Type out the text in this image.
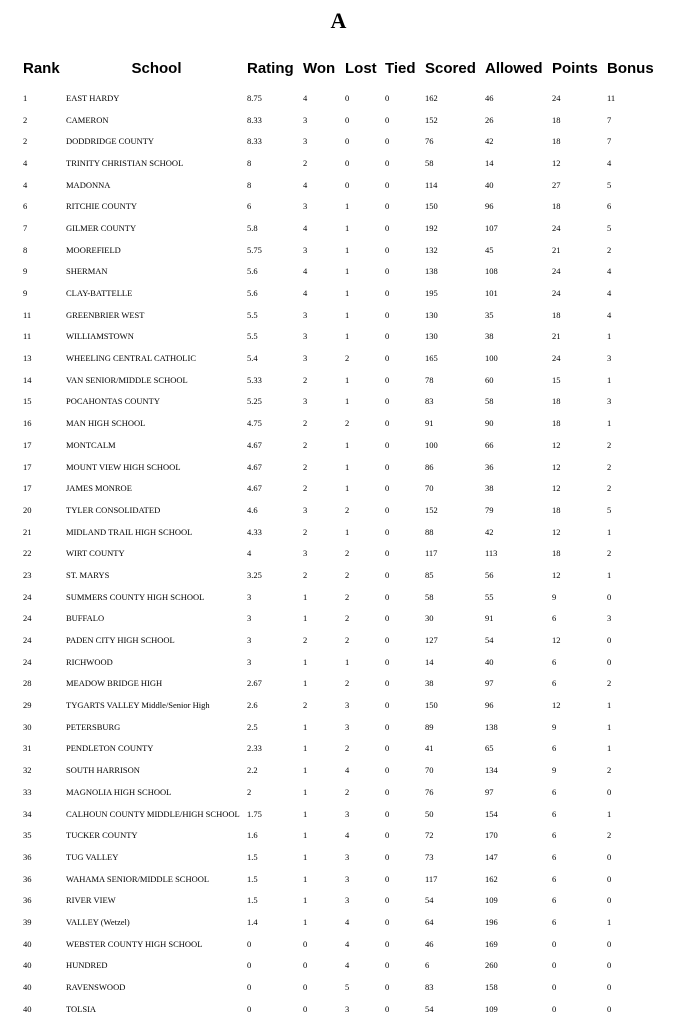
A
Rank	School	Rating	Won	Lost	Tied	Scored	Allowed	Points	Bonus

1	EAST HARDY	8.75	4	0	0	162	46	24	11
2	CAMERON	8.33	3	0	0	152	26	18	7
2	DODDRIDGE COUNTY	8.33	3	0	0	76	42	18	7
4	TRINITY CHRISTIAN SCHOOL	8	2	0	0	58	14	12	4
4	MADONNA	8	4	0	0	114	40	27	5
6	RITCHIE COUNTY	6	3	1	0	150	96	18	6
7	GILMER COUNTY	5.8	4	1	0	192	107	24	5
8	MOOREFIELD	5.75	3	1	0	132	45	21	2
9	SHERMAN	5.6	4	1	0	138	108	24	4
9	CLAY-BATTELLE	5.6	4	1	0	195	101	24	4
11	GREENBRIER WEST	5.5	3	1	0	130	35	18	4
11	WILLIAMSTOWN	5.5	3	1	0	130	38	21	1
13	WHEELING CENTRAL CATHOLIC	5.4	3	2	0	165	100	24	3
14	VAN SENIOR/MIDDLE SCHOOL	5.33	2	1	0	78	60	15	1
15	POCAHONTAS COUNTY	5.25	3	1	0	83	58	18	3
16	MAN HIGH SCHOOL	4.75	2	2	0	91	90	18	1
17	MONTCALM	4.67	2	1	0	100	66	12	2
17	MOUNT VIEW HIGH SCHOOL	4.67	2	1	0	86	36	12	2
17	JAMES MONROE	4.67	2	1	0	70	38	12	2
20	TYLER CONSOLIDATED	4.6	3	2	0	152	79	18	5
21	MIDLAND TRAIL HIGH SCHOOL	4.33	2	1	0	88	42	12	1
22	WIRT COUNTY	4	3	2	0	117	113	18	2
23	ST. MARYS	3.25	2	2	0	85	56	12	1
24	SUMMERS COUNTY HIGH SCHOOL	3	1	2	0	58	55	9	0
24	BUFFALO	3	1	2	0	30	91	6	3
24	PADEN CITY HIGH SCHOOL	3	2	2	0	127	54	12	0
24	RICHWOOD	3	1	1	0	14	40	6	0
28	MEADOW BRIDGE HIGH	2.67	1	2	0	38	97	6	2
29	TYGARTS VALLEY Middle/Senior High	2.6	2	3	0	150	96	12	1
30	PETERSBURG	2.5	1	3	0	89	138	9	1
31	PENDLETON COUNTY	2.33	1	2	0	41	65	6	1
32	SOUTH HARRISON	2.2	1	4	0	70	134	9	2
33	MAGNOLIA HIGH SCHOOL	2	1	2	0	76	97	6	0
34	CALHOUN COUNTY MIDDLE/HIGH SCHOOL	1.75	1	3	0	50	154	6	1
35	TUCKER COUNTY	1.6	1	4	0	72	170	6	2
36	TUG VALLEY	1.5	1	3	0	73	147	6	0
36	WAHAMA SENIOR/MIDDLE SCHOOL	1.5	1	3	0	117	162	6	0
36	RIVER VIEW	1.5	1	3	0	54	109	6	0
39	VALLEY (Wetzel)	1.4	1	4	0	64	196	6	1
40	WEBSTER COUNTY HIGH SCHOOL	0	0	4	0	46	169	0	0
40	HUNDRED	0	0	4	0	6	260	0	0
40	RAVENSWOOD	0	0	5	0	83	158	0	0
40	TOLSIA	0	0	3	0	54	109	0	0
